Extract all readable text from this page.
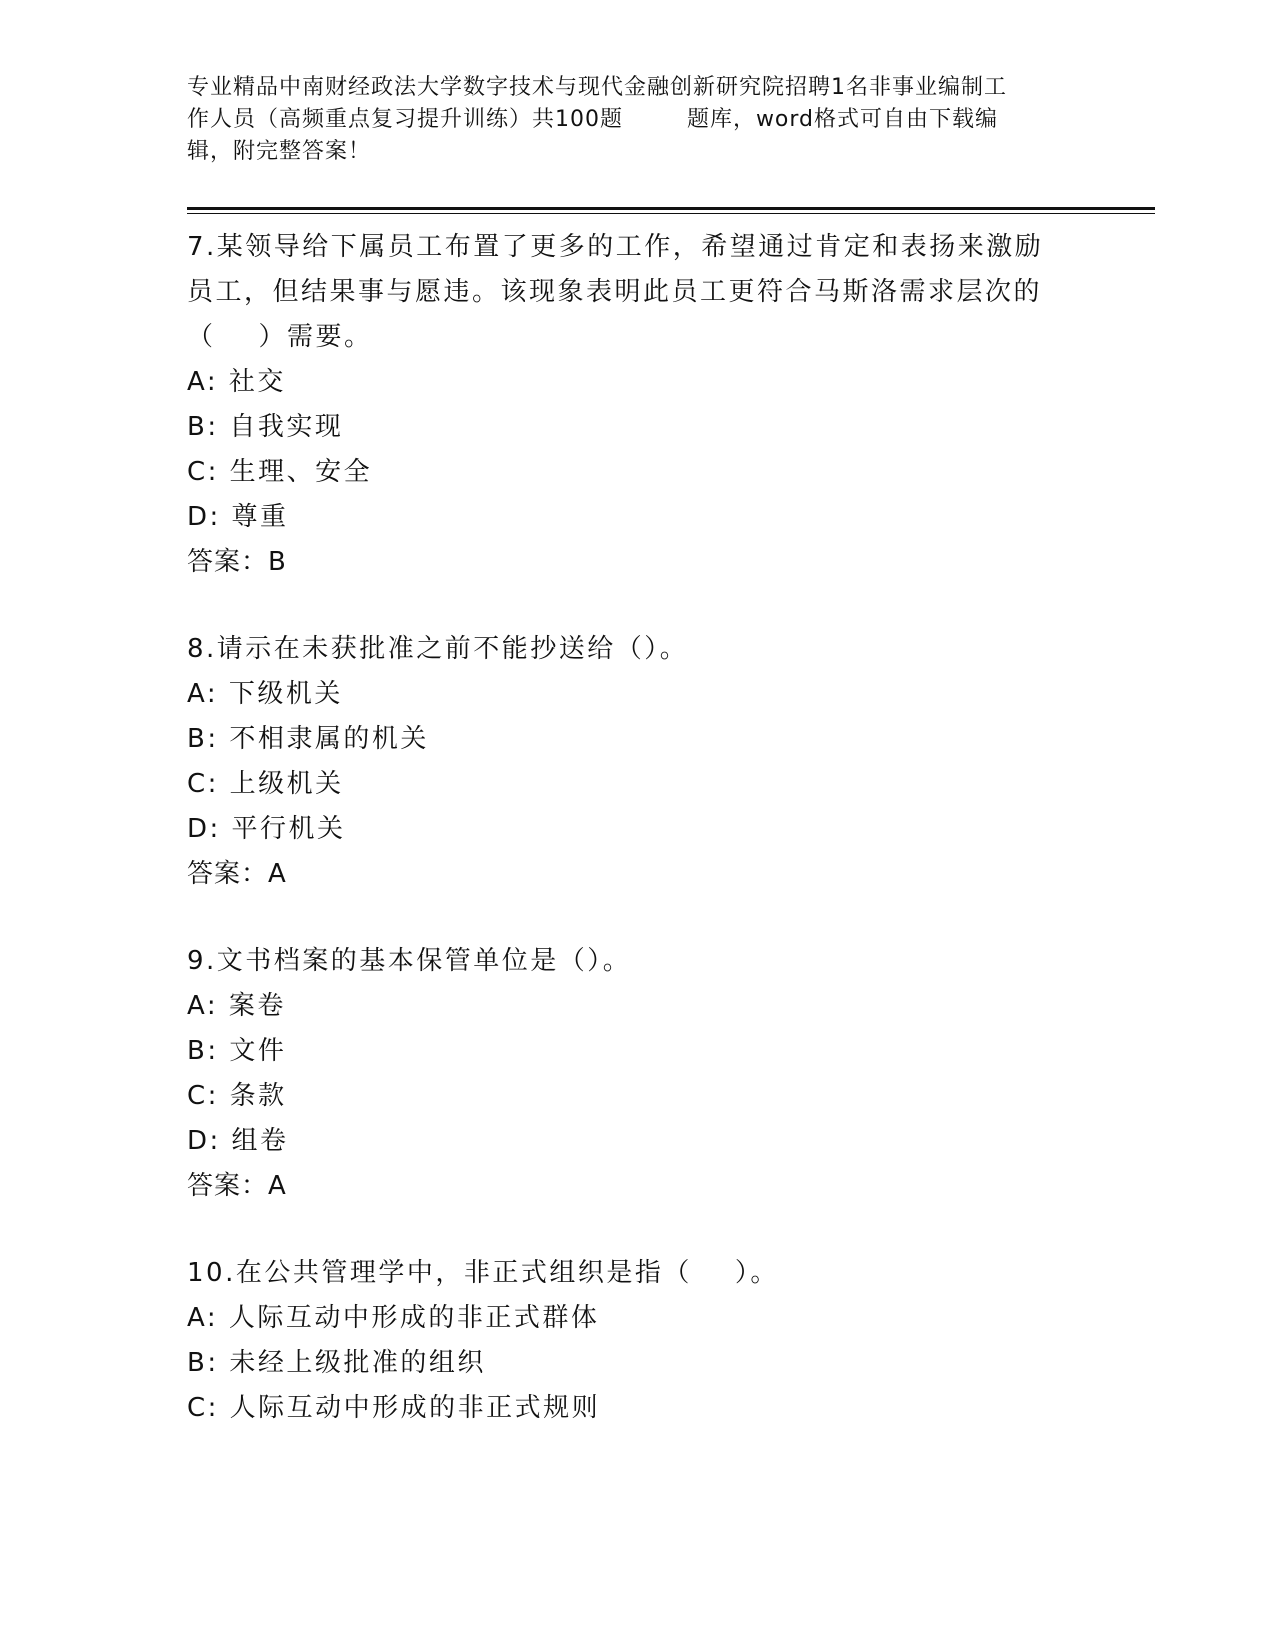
专业精品中南财经政法大学数字技术与现代金融创新研究院招聘1名非事业编制工
作人员（高频重点复习提升训练）共100题        题库，word格式可自由下载编
辑，附完整答案！
7.某领导给下属员工布置了更多的工作，希望通过肯定和表扬来激励
员工，但结果事与愿违。该现象表明此员工更符合马斯洛需求层次的
（    ）需要。
A: 社交
B: 自我实现
C: 生理、安全
D: 尊重
答案：B
8.请示在未获批准之前不能抄送给（）。
A: 下级机关
B: 不相隶属的机关
C: 上级机关
D: 平行机关
答案：A
9.文书档案的基本保管单位是（）。
A: 案卷
B: 文件
C: 条款
D: 组卷
答案：A
10.在公共管理学中，非正式组织是指（    ）。
A: 人际互动中形成的非正式群体
B: 未经上级批准的组织
C: 人际互动中形成的非正式规则
